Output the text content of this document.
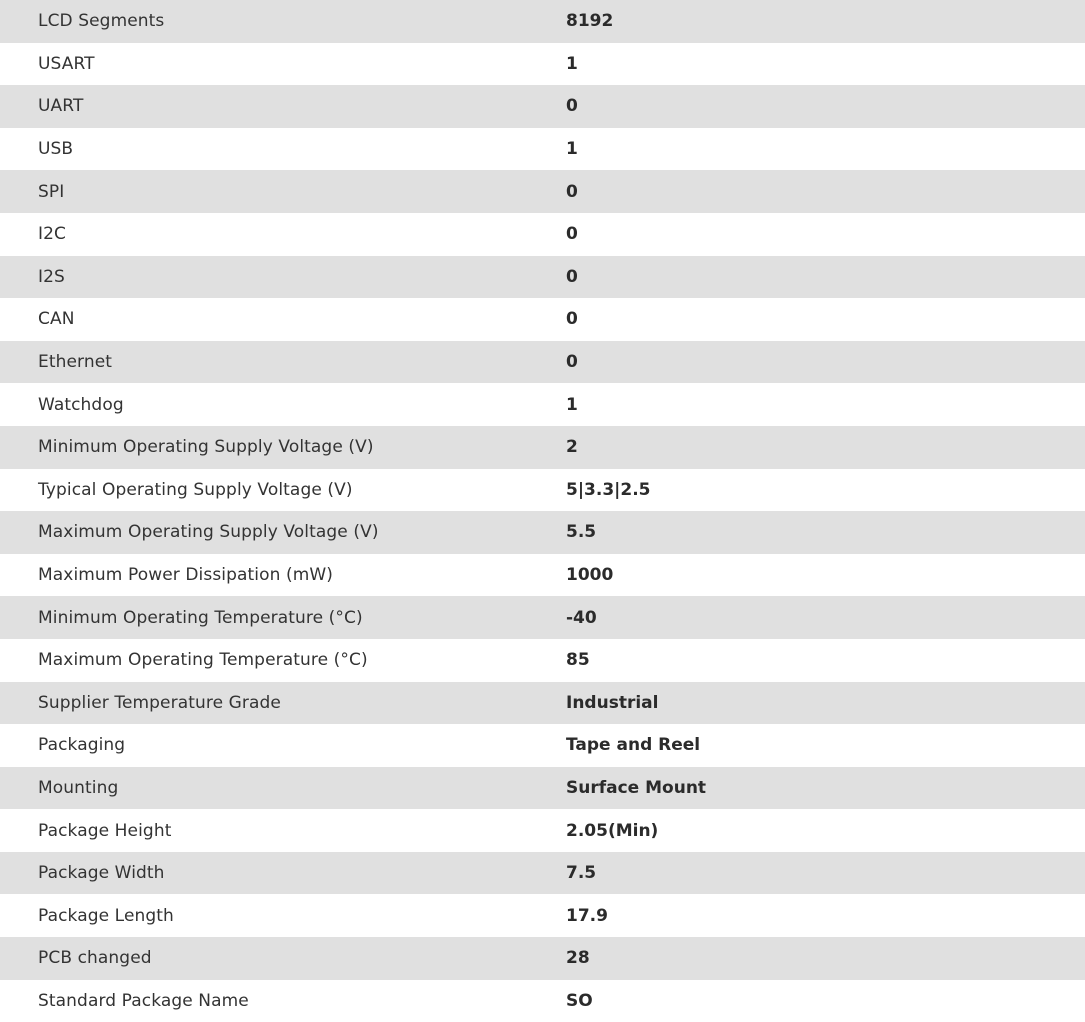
LCD Segments	8192
USART	1
UART	0
USB	1
SPI	0
I2C	0
I2S	0
CAN	0
Ethernet	0
Watchdog	1
Minimum Operating Supply Voltage (V)	2
Typical Operating Supply Voltage (V)	5|3.3|2.5
Maximum Operating Supply Voltage (V)	5.5
Maximum Power Dissipation (mW)	1000
Minimum Operating Temperature (°C)	-40
Maximum Operating Temperature (°C)	85
Supplier Temperature Grade	Industrial
Packaging	Tape and Reel
Mounting	Surface Mount
Package Height	2.05(Min)
Package Width	7.5
Package Length	17.9
PCB changed	28
Standard Package Name	SO
